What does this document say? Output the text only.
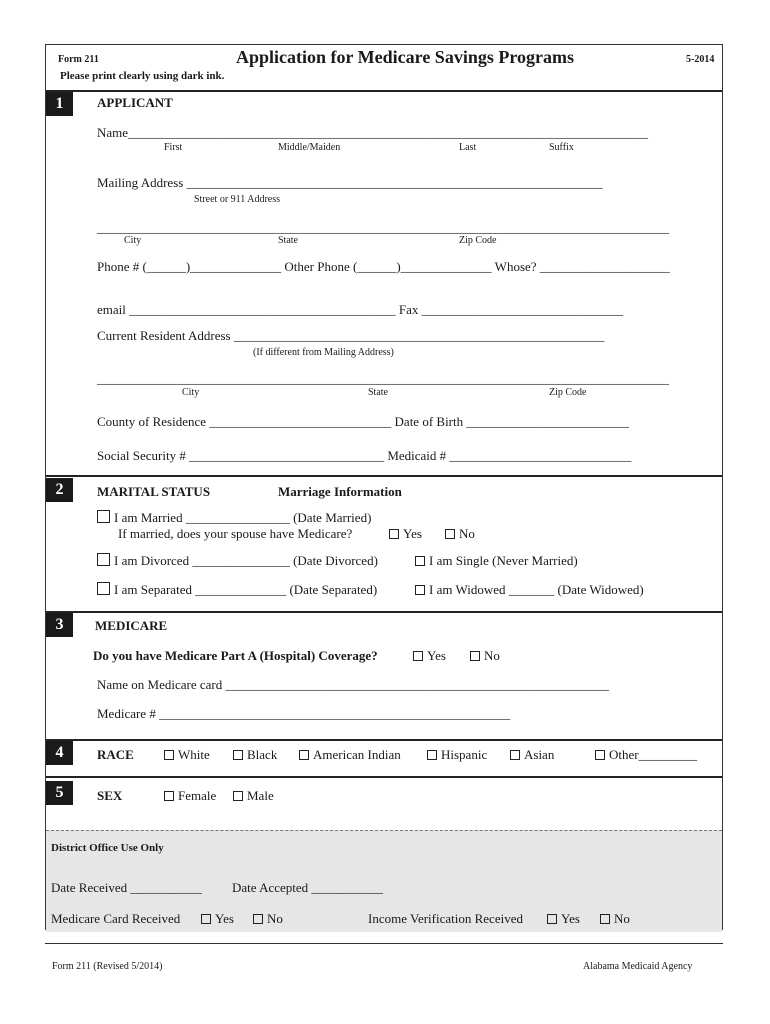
Form 211	Application for Medicare Savings Programs	5-2014
Please print clearly using dark ink.
1	APPLICANT
Name________________________________________________________________________________
First	Middle/Maiden	Last	Suffix
Mailing Address ________________________________________________________________
Street or 911 Address
________________________________________________________________________________________
City	State	Zip Code
Phone # (______)______________ Other Phone (______)______________ Whose? ____________________
email _________________________________________ Fax _______________________________
Current Resident Address _________________________________________________________
(If different from Mailing Address)
________________________________________________________________________________________
City	State	Zip Code
County of Residence ____________________________ Date of Birth _________________________
Social Security # ______________________________ Medicaid # ____________________________
2	MARITAL STATUS	Marriage Information
I am Married ________________ (Date Married)
If married, does your spouse have Medicare?	Yes	No
I am Divorced _______________ (Date Divorced)	I am Single (Never Married)
I am Separated ______________ (Date Separated)	I am Widowed _______ (Date Widowed)
3	MEDICARE
Do you have Medicare Part A (Hospital) Coverage?	Yes	No
Name on Medicare card ___________________________________________________________
Medicare # ______________________________________________________
4	RACE	White	Black	American Indian	Hispanic	Asian	Other_________
5	SEX	Female	Male
District Office Use Only
Date Received ___________ Date Accepted ___________
Medicare Card Received	Yes	No	Income Verification Received	Yes	No
Form 211 (Revised 5/2014)	Alabama Medicaid Agency
